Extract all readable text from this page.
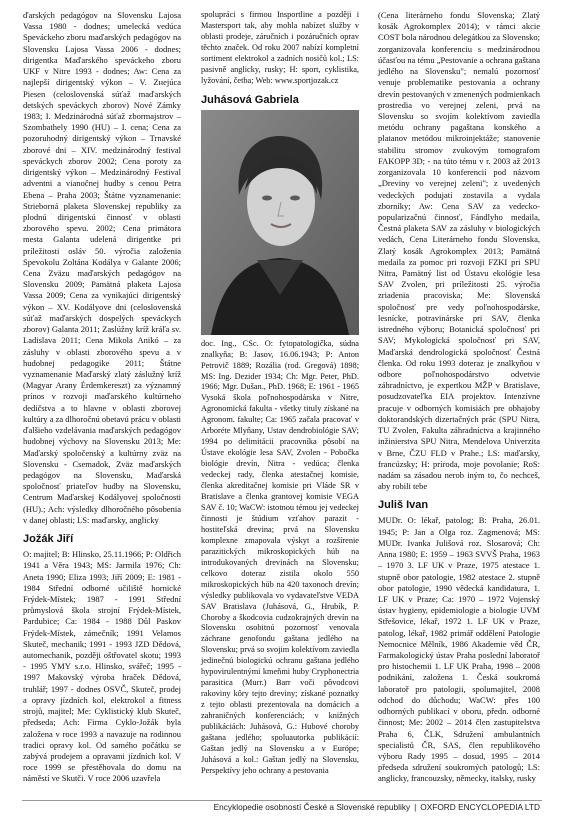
ďarských pedagógov na Slovensku Lajosa Vassa 1980 - dodnes; umelecká vedúca Speváckeho zboru maďarských pedagógov na Slovensku Lajosa Vassa 2006 - dodnes; dirigentka Maďarského speváckeho zboru UKF v Nitre 1993 - dodnes; Aw: Cena za najlepší dirigentský výkon – V. Zнejúca Piesen (celoslovenská súťaž maďarských detských speváckych zborov) Nové Zámky 1983; I. Medzinárodná súťaž zbormajstrov – Szombathely 1990 (HU) – I. cena; Cena za pozoruhodný dirigentský výkon – Trnavské zborové dni – XIV. medzinárodný festival speváckych zborov 2002; Cena poroty za dirigentský výkon – Medzinárodný Festival adventnі a vianočnej hudby s cenou Petra Ebena – Praha 2003; Štátne vyznamenanie: Strieborná plaketa Slovenskej republiky za plodnú dirigentskú činnosť v oblasti zborového spevu. 2002; Cena primátora mesta Galanta udelená dirigentke pri príležitosti osláv 50. výročia založenia Spevokolu Zoltána Kodálya v Galante 2006; Cena Zväzu maďarských pedagógov na Slovensku 2009; Pamätná plaketa Lajosa Vassa 2009; Cena za vynikajúci dirigentský výkon – XV. Kodályove dni (celoslovenská súťaž maďarských dospelých speváckych zborov) Galanta 2011; Zaslúžny kríž kráľa sv. Ladislava 2011; Cena Mikola Anikó – za zásluhy v oblasti zborového spevu a v hudobnej pedagogike 2011; Štátne vyznamenanie Maďarský zlatý záslužný kríž (Magyar Arany Érdemkereszt) za významný prínos v rozvoji maďarského kultúrneho dedičstva a to hlavne v oblasti zborovej kultúry a za dlhoročnú obetavú prácu v oblasti ďalšieho vzdelávania maďarských pedagógov hudobnej výchovy na Slovensku 2013; Me: Maďarský spoločenský a kultúrny zväz na Slovensku - Csemadok, Zväz maďarských pedagógov na Slovensku, Maďarská spoločnosť priateľov hudby na Slovensku, Centrum Maďarskej Kodályovej spoločnosti (HU).; Ach: výsledky dlhoročného pôsobenia v danej oblasti; LS: maďarsky, anglicky

Jožák Jiří

O: majitel; B: Hlinsko, 25.11.1966; P: Oldřich 1941 a Věra 1943; MS: Jarmila 1976; Ch: Aneta 1990; Eliza 1993; Jiří 2009; E: 1981 - 1984 Střední odborné učiliště hornické Frýdek-Místek; 1987 - 1991 Střední průmyslová škola strojní Frýdek-Místek, Pardubice; Ca: 1984 - 1988 Důl Paskov Frýdek-Místek, zámečník; 1991 Velamos Skuteč, mechanik; 1991 - 1993 JZD Dědová, automechanik, později oštřovatel skotu; 1993 - 1995 YMY s.r.o. Hlinsko, svářeč; 1995 - 1997 Makovský výroba hraček Dědová, truhlář; 1997 - dodnes OSVČ, Skuteč, prodej a opravy jízdních kol, elektrokol a fitness strojů, majitel; Me: Cyklistický klub Skuteč, předseda; Ach: Firma Cyklo-Jožák byla založena v roce 1993 a navazuje na rodinnou tradici opravy kol. Od samého počátku se zabývá prodejem a opravami jízdních kol. V roce 1999 se přestěhovala do domu na náměstí ve Skutči. V roce 2006 uzavřela

spolupráci s firmou Insportline a později i Mastersport tak, aby mohla nabízet služby v oblasti prodeje, záručních i pozáručních oprav těchto značek. Od roku 2007 nabízí kompletní sortiment elektrokol a zadních nosičů kol.; LS: pasivně anglicky, rusky; H: sport, cyklistika, lyžování, četba; Web: www.sportjozak.cz

Juhásová Gabriela

doc. Ing., CSc. O: fytopatologička, súdna znalkyňa; B: Jasov, 16.06.1943; P: Anton Petrovič 1889; Rozália (rod. Gregová) 1898; MS: Ing. Dezider 1934; Ch: Mgr. Peter, PhD. 1966; Mgr. Dušan., PhD. 1968; E: 1961 - 1965 Vysoká škola poľnohospodárska v Nitre, Agronomická fakulta - všetky tituly získané na Agronom. fakulte; Ca: 1965 začala pracovať v Arboréte Mlyňany, Ustav dendrobiológie SAV; 1994 po delimitácii pracovníka pôsobí na Ústave ekológie lesa SAV, Zvolen - Pobočka biológie drevín, Nitra - vedúca; členka vedeckej rady, členka atestačnej komisie, členka akreditačnej komisie pri Vláde SR v Bratislave a členka grantovej komisie VEGA SAV č. 10; WaCW: istotnou témou jej vedeckej činnosti je štúdium vzťahov parazit - hostiteľská drevina; prvá na Slovensku komplexne zmapovala výskyt a rozšírenie parazitických mikroskopických húb na introdukovaných drevinách na Slovensku; celkovo doteraz zistila okolo 550 mikroskopických húb na 420 taxonoch drevín; výsledky publikovala vo vydavateľstve VEDA SAV Bratislava (Juhásová, G., Hrubík, P. Choroby a škodcovia cudzokrajných drevín na Slovensku osobitnú pozornosť venovala záchrane genofondu gaštana jedlého na Slovensku; prvá so svojim kolektívom zaviedla jedinečnú biologickú ochranu gaštana jedlého hypovirulentnými kmeňmi huby Cryphonectria parasitica (Murr.) Barr voči pôvodcovi rakoviny kôry tejto dreviny; získané poznatky z tejto oblasti prezentovala na domácich a zahraničných konferenciách; v knižných publikáciách: Juhásová, G.: Hubové choroby gaštana jedlého; spoluautorka publikácií: Gaštan jedlý na Slovensku a v Európe; Juhásová a kol.: Gaštan jedlý na Slovensku, Perspektívy jeho ochrany a pestovania

(Cena literárneho fondu Slovenska; Zlatý kosák Agrokomplex 2014); v rámci akcie COST bola národnou delegátkou za Slovensko; zorganizovala konferenciu s medzinárodnou účasťou na tému „Pestovanie a ochrana gaštana jedlého na Slovensku"; nemalú pozornosť venuje problematike pestovania a ochrany drevín pestovaných v zmenených podmienkach prostredia vo verejnej zeleni, prvá na Slovensku so svojím kolektívom zaviedla metódu ochrany pagaštana konského a platanov metódou mikroinjektáže; stanovenie stabilitu stromov zvukovým tomografom FAKOPP 3D; - na túto tému v r. 2003 až 2013 zorganizovala 10 konferencií pod názvom „Dreviny vo verejnej zeleni"; z uvedených vedeckých podujatí zostavila a vydala zborníky; Aw: Cena SAV za vedecko-popularizačnú činnosť, Fándlyho medaila, Čestná plaketa SAV za zásluhy v biologických vedách, Cena Literárneho fondu Slovenska, Zlatý kosák Agrokomplex 2013; Pamätná medaila za pomoc pri rozvoji FZKI pri SPU Nitra, Pamätný list od Ústavu ekológie lesa SAV Zvolen, pri príležitosti 25. výročia zriadenia pracoviska; Me: Slovenská spoločnosť pre vedy poľnohospodárske, lesnícke, potravinárske pri SAV, členka istredného výboru; Botanická spoločnosť pri SAV; Mykologická spoločnosť pri SAV, Maďarská dendrologická spoločnosť Čestná členka. Od roku 1993 doteraz je znalkyňou v odbore poľnohospodárstvo odvetvie záhradníctvo, je expertkou MŽP v Bratislave, posudzovateľka EIA projektov. Intenzívne pracuje v odborných komisiách pre obhajoby doktorandských dizertačných prác (SPU Nitra, TU Zvolen, Fakulta záhradníctva a krajinného inžinierstva SPU Nitra, Mendelova Univerzita v Brne, ČZU FLD v Prahe.; LS: maďarsky, francúzsky; H: príroda, moje povolanie; RoS: nadám sa zásadou nerob iným to, čo nechceš, aby robili tebe

Juliš Ivan

MUDr. O: lékař, patolog; B: Praha, 26.01. 1945; P: Jan a Olga roz. Zagmenová; MS: MUDr. Ivanka Julišová roz. Slosarová; Ch: Anna 1980; E: 1959 – 1963 SVVŠ Praha, 1963 – 1970 3. LF UK v Praze, 1975 atestace 1. stupně obor patologie, 1982 atestace 2. stupně obor patologie, 1990 vědecká kandidatura, 1. LF UK v Praze; Ca: 1970 – 1972 Vojenský ústav hygieny, epidemiologie a biologie UVM Střešovice, lékař, 1972 1. LF UK v Praze, patolog, lékař, 1982 primář oddělení Patologie Nemocnice Mělník, 1986 Akademie věd ČR, Farmakologický ústav Praha poslední laboratoř pro histochemii 1. LF UK Praha, 1998 – 2008 podnikání, založena 1. Česká soukromá laboratoř pro patologii, spolumajitel, 2008 odchod do důchodu; WaCW: přes 100 odborných publikací v oboru, předn. odborné činnost; Me: 2002 – 2014 člen zastupitelstva Praha 6, ČLK, Sdružení ambulantních specialistů ČR, SAS, člen republikového výboru Rady 1995 – dosud, 1995 – 2014 předseda sdružení soukromých patologů; LS: anglicky, francouzsky, německy, italsky, rusky

Encyklopedie osobností České a Slovenské republiky | OXFORD ENCYCLOPEDIA LTD
